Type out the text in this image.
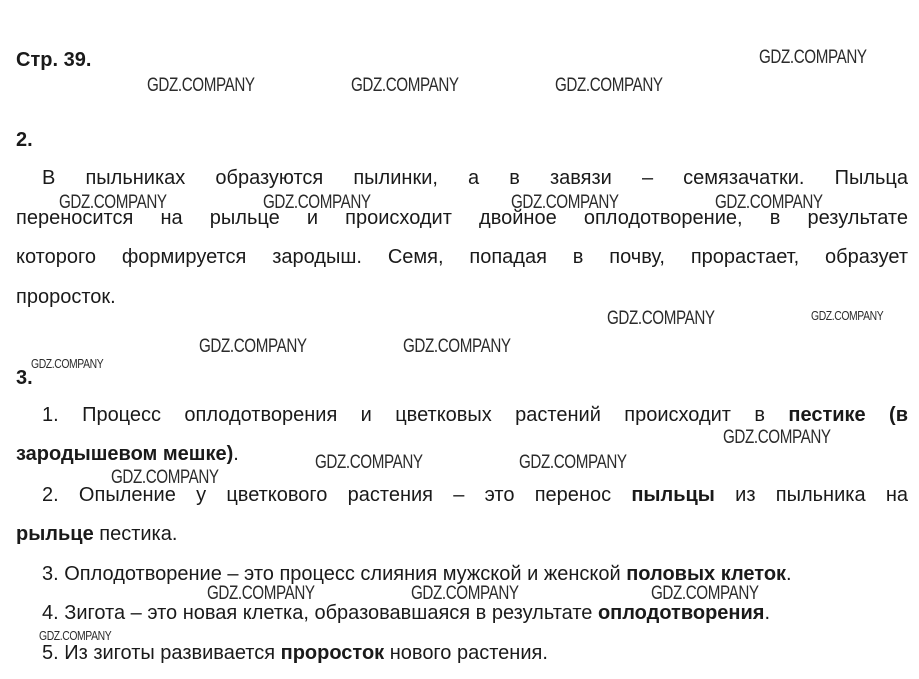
Стр. 39.
2.
В пыльниках образуются пылинки, а в завязи – семязачатки. Пыльца
переносится на рыльце и происходит двойное оплодотворение, в результате
которого формируется зародыш. Семя, попадая в почву, прорастает, образует
проросток.
3.
1. Процесс оплодотворения и цветковых растений происходит в пестике (в
зародышевом мешке).
2. Опыление у цветкового растения – это перенос пыльцы из пыльника на
рыльце пестика.
3. Оплодотворение – это процесс слияния мужской и женской половых клеток.
4. Зигота – это новая клетка, образовавшаяся в результате оплодотворения.
5. Из зиготы развивается проросток нового растения.
GDZ.COMPANY
GDZ.COMPANY	GDZ.COMPANY	GDZ.COMPANY
GDZ.COMPANY	GDZ.COMPANY	GDZ.COMPANY	GDZ.COMPANY
GDZ.COMPANY	GDZ.COMPANY
GDZ.COMPANY	GDZ.COMPANY
GDZ.COMPANY
GDZ.COMPANY
GDZ.COMPANY	GDZ.COMPANY
GDZ.COMPANY
GDZ.COMPANY	GDZ.COMPANY	GDZ.COMPANY
GDZ.COMPANY
